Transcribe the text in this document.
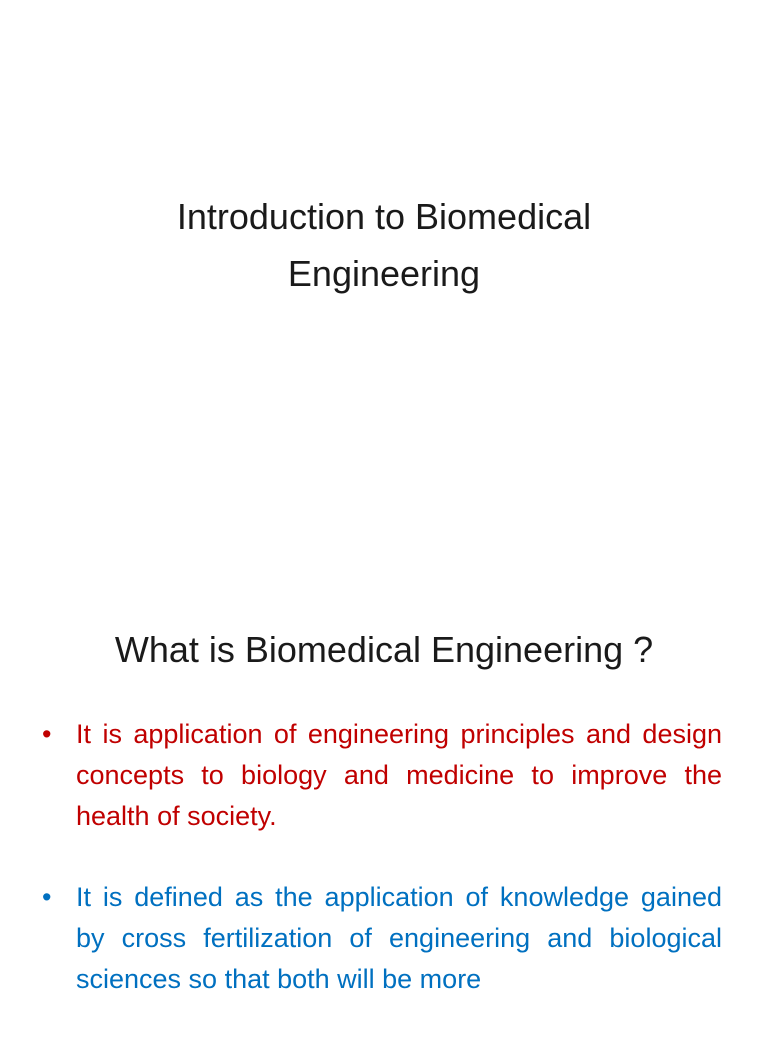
Introduction to Biomedical Engineering
What is Biomedical Engineering ?
• It is application of engineering principles and design concepts to biology and medicine to improve the health of society.
• It is defined as the application of knowledge gained by cross fertilization of engineering and biological sciences so that both will be more
